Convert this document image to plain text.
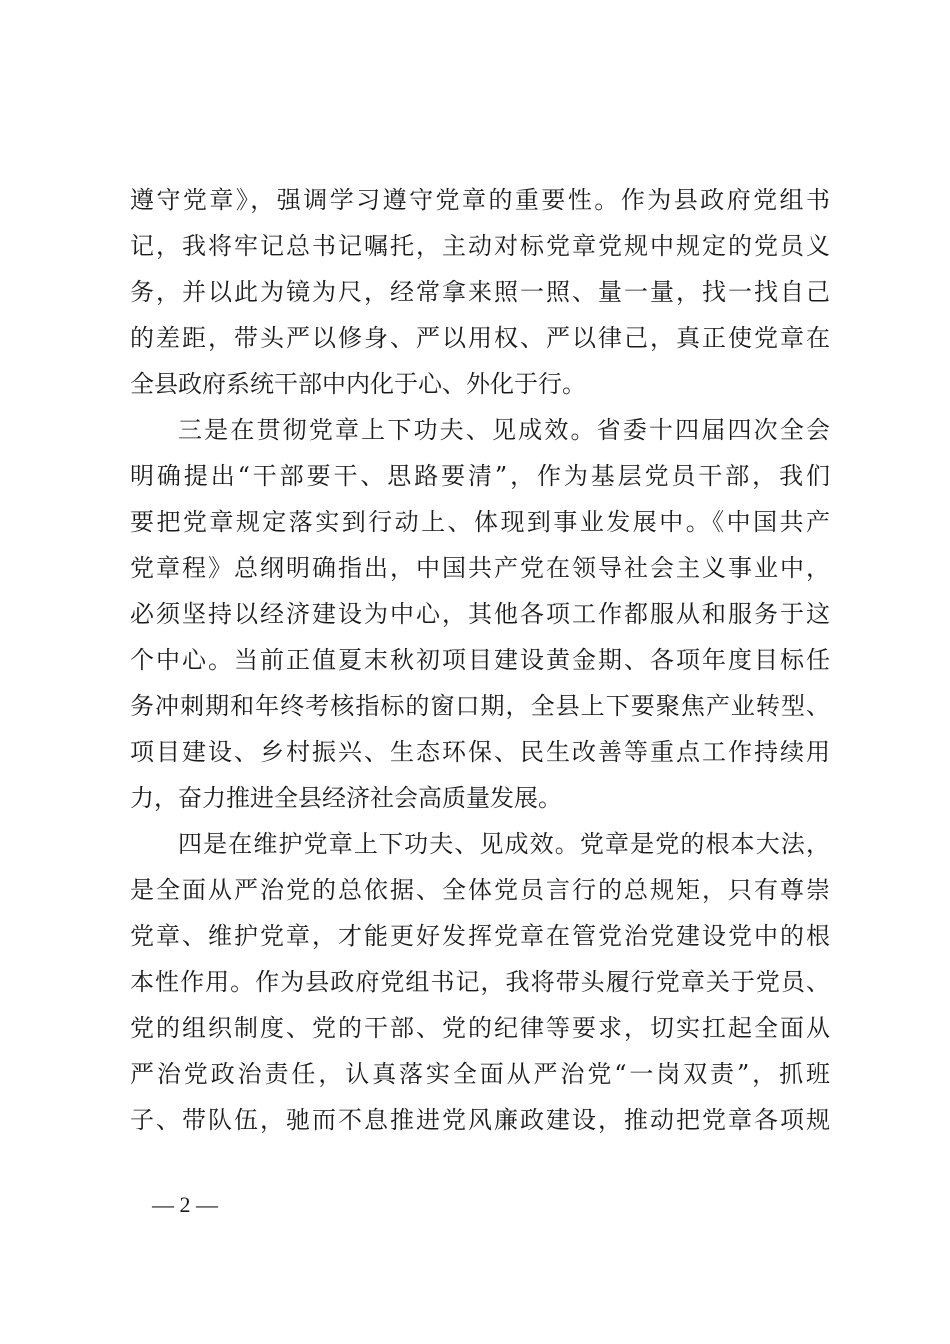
遵守党章》，强调学习遵守党章的重要性。作为县政府党组书
记，我将牢记总书记嘱托，主动对标党章党规中规定的党员义
务，并以此为镜为尺，经常拿来照一照、量一量，找一找自己
的差距，带头严以修身、严以用权、严以律己，真正使党章在
全县政府系统干部中内化于心、外化于行。
三是在贯彻党章上下功夫、见成效。省委十四届四次全会
明确提出“干部要干、思路要清”，作为基层党员干部，我们
要把党章规定落实到行动上、体现到事业发展中。《中国共产
党章程》总纲明确指出，中国共产党在领导社会主义事业中，
必须坚持以经济建设为中心，其他各项工作都服从和服务于这
个中心。当前正值夏末秋初项目建设黄金期、各项年度目标任
务冲刺期和年终考核指标的窗口期，全县上下要聚焦产业转型、
项目建设、乡村振兴、生态环保、民生改善等重点工作持续用
力，奋力推进全县经济社会高质量发展。
四是在维护党章上下功夫、见成效。党章是党的根本大法，
是全面从严治党的总依据、全体党员言行的总规矩，只有尊崇
党章、维护党章，才能更好发挥党章在管党治党建设党中的根
本性作用。作为县政府党组书记，我将带头履行党章关于党员、
党的组织制度、党的干部、党的纪律等要求，切实扛起全面从
严治党政治责任，认真落实全面从严治党“一岗双责”，抓班
子、带队伍，驰而不息推进党风廉政建设，推动把党章各项规
— 2 —
